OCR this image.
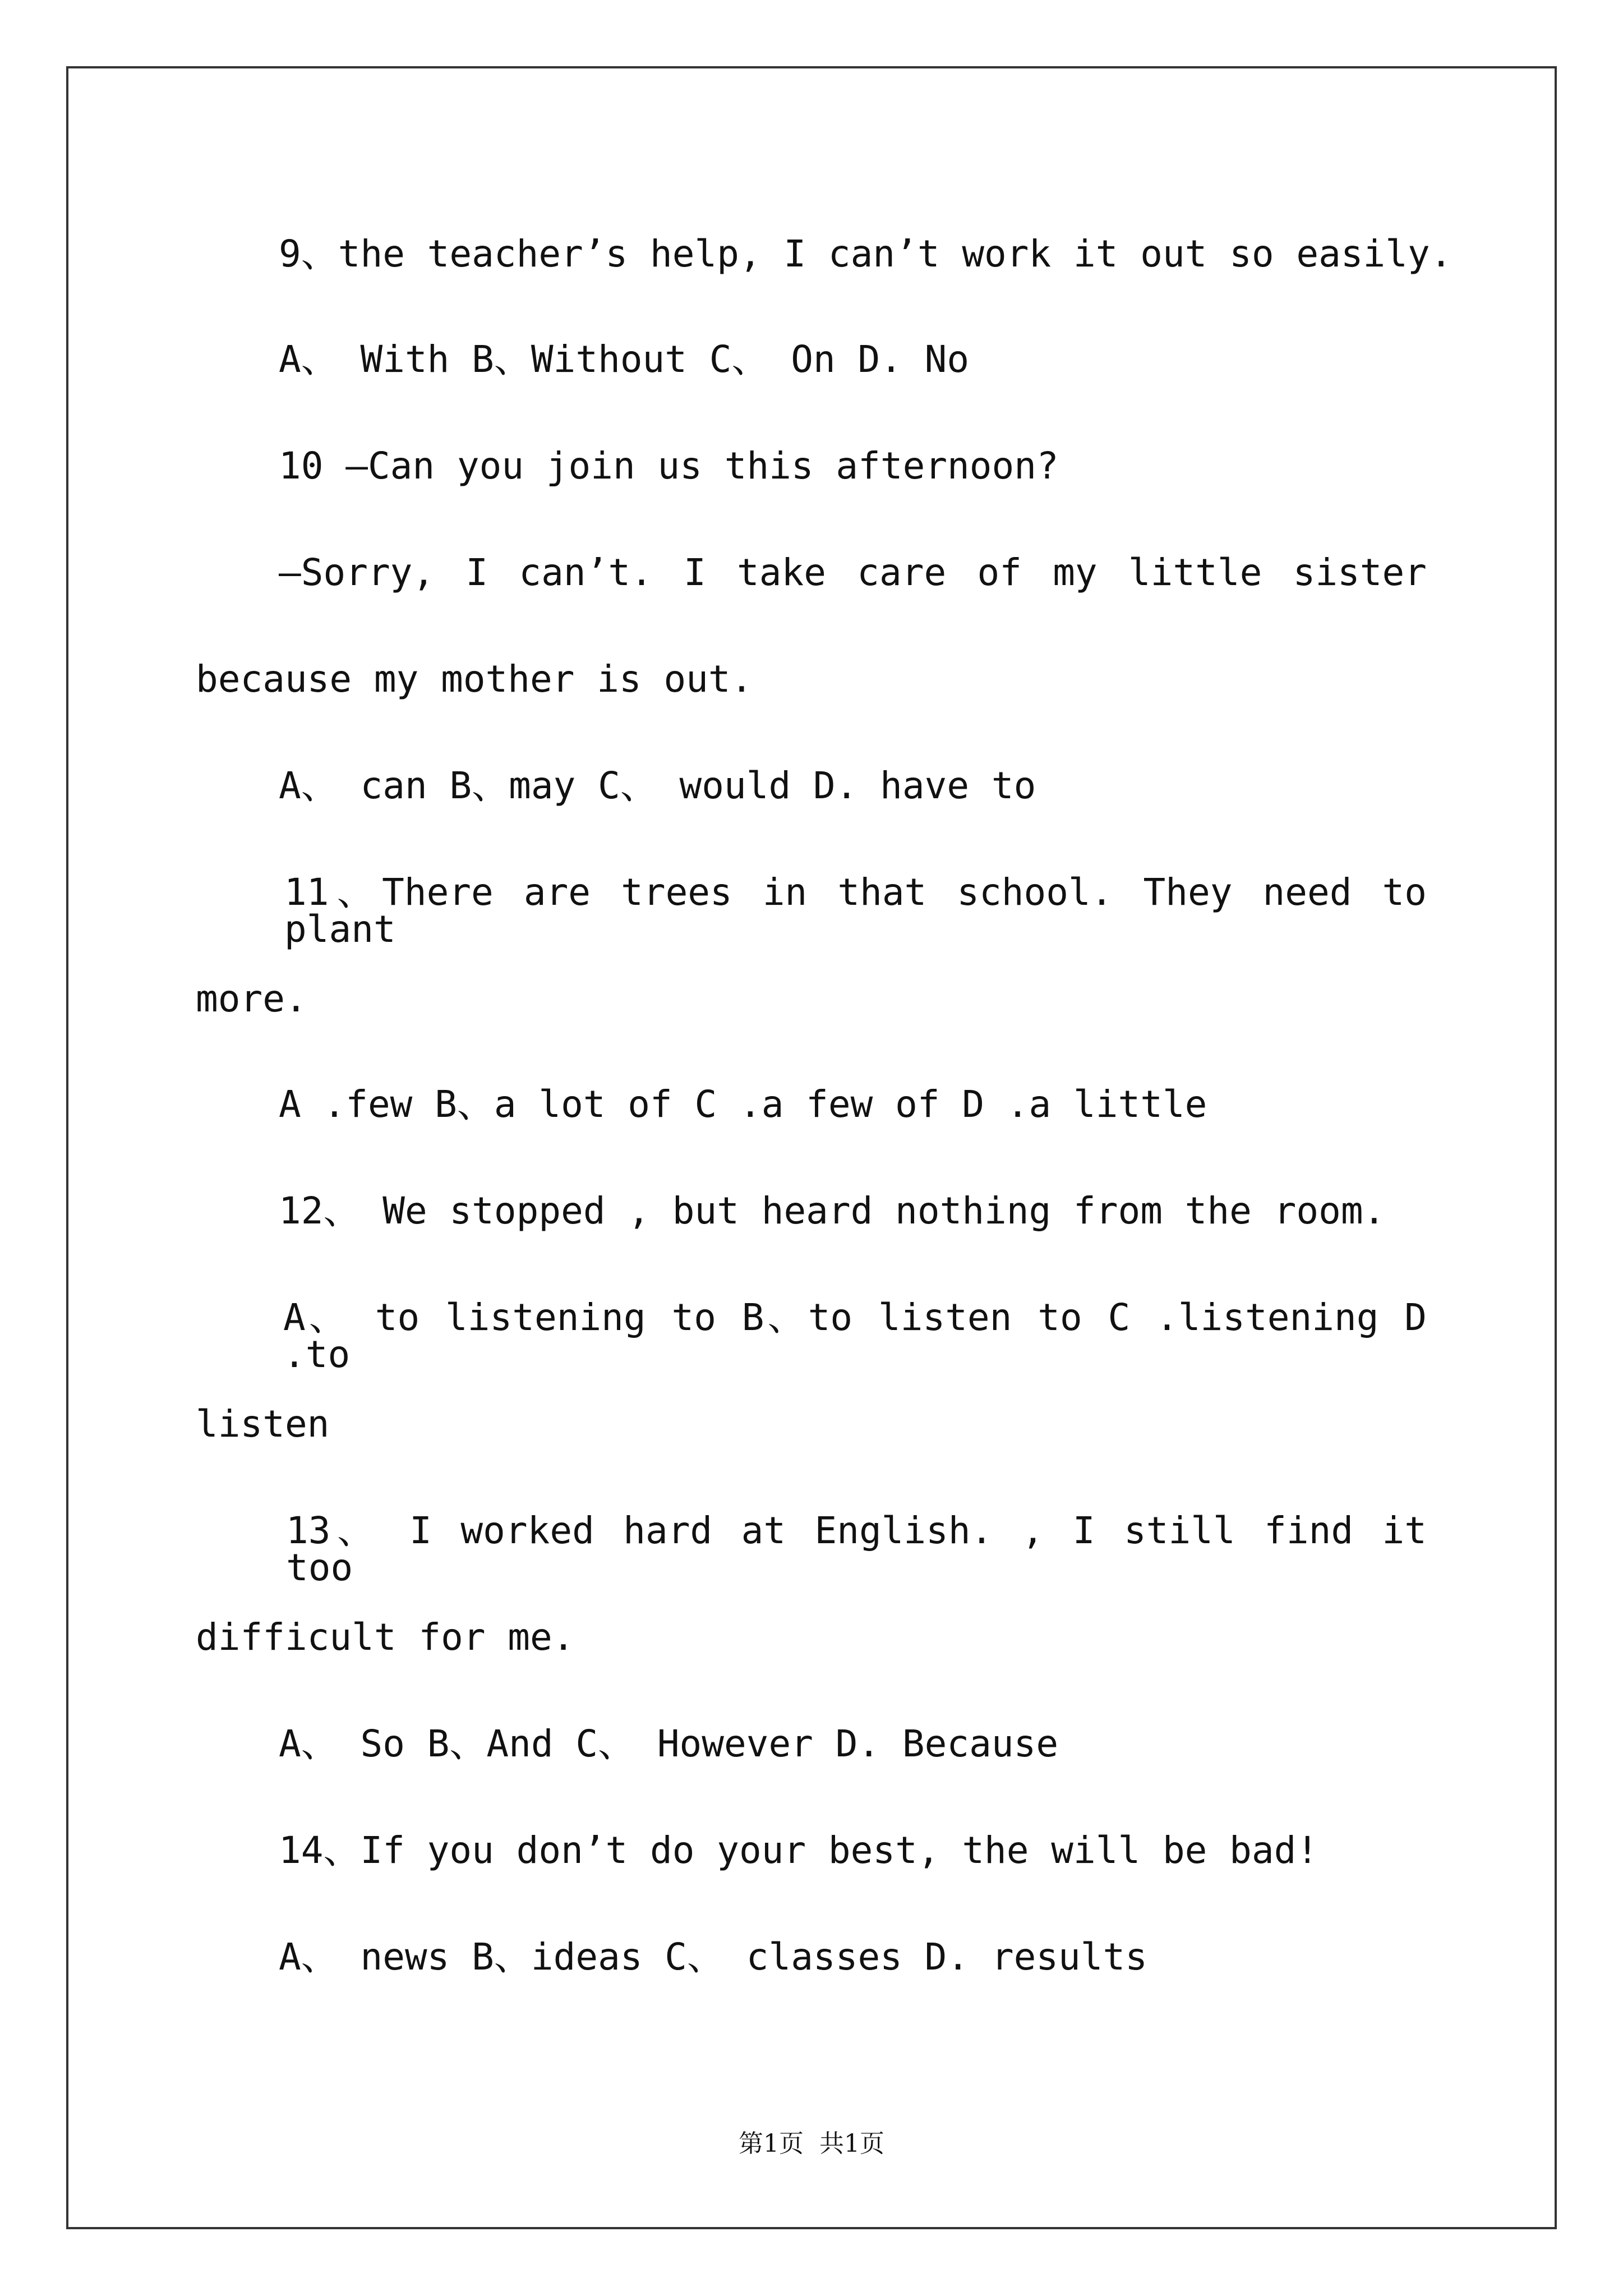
9、the teacher’s help, I can’t work it out so easily.
A、 With B、Without C、 On D. No
10 —Can you join us this afternoon?
—Sorry, I can’t. I take care of my little sister
because my mother is out.
A、 can B、may C、 would D. have to
11、There are trees in that school. They need to plant
more.
A .few B、a lot of C .a few of D .a little
12、 We stopped , but heard nothing from the room.
A、 to listening to B、to listen to C .listening D .to
listen
13、 I worked hard at English. , I still find it too
difficult for me.
A、 So B、And C、 However D. Because
14、If you don’t do your best, the will be bad!
A、 news B、ideas C、 classes D. results
第1页  共1页
